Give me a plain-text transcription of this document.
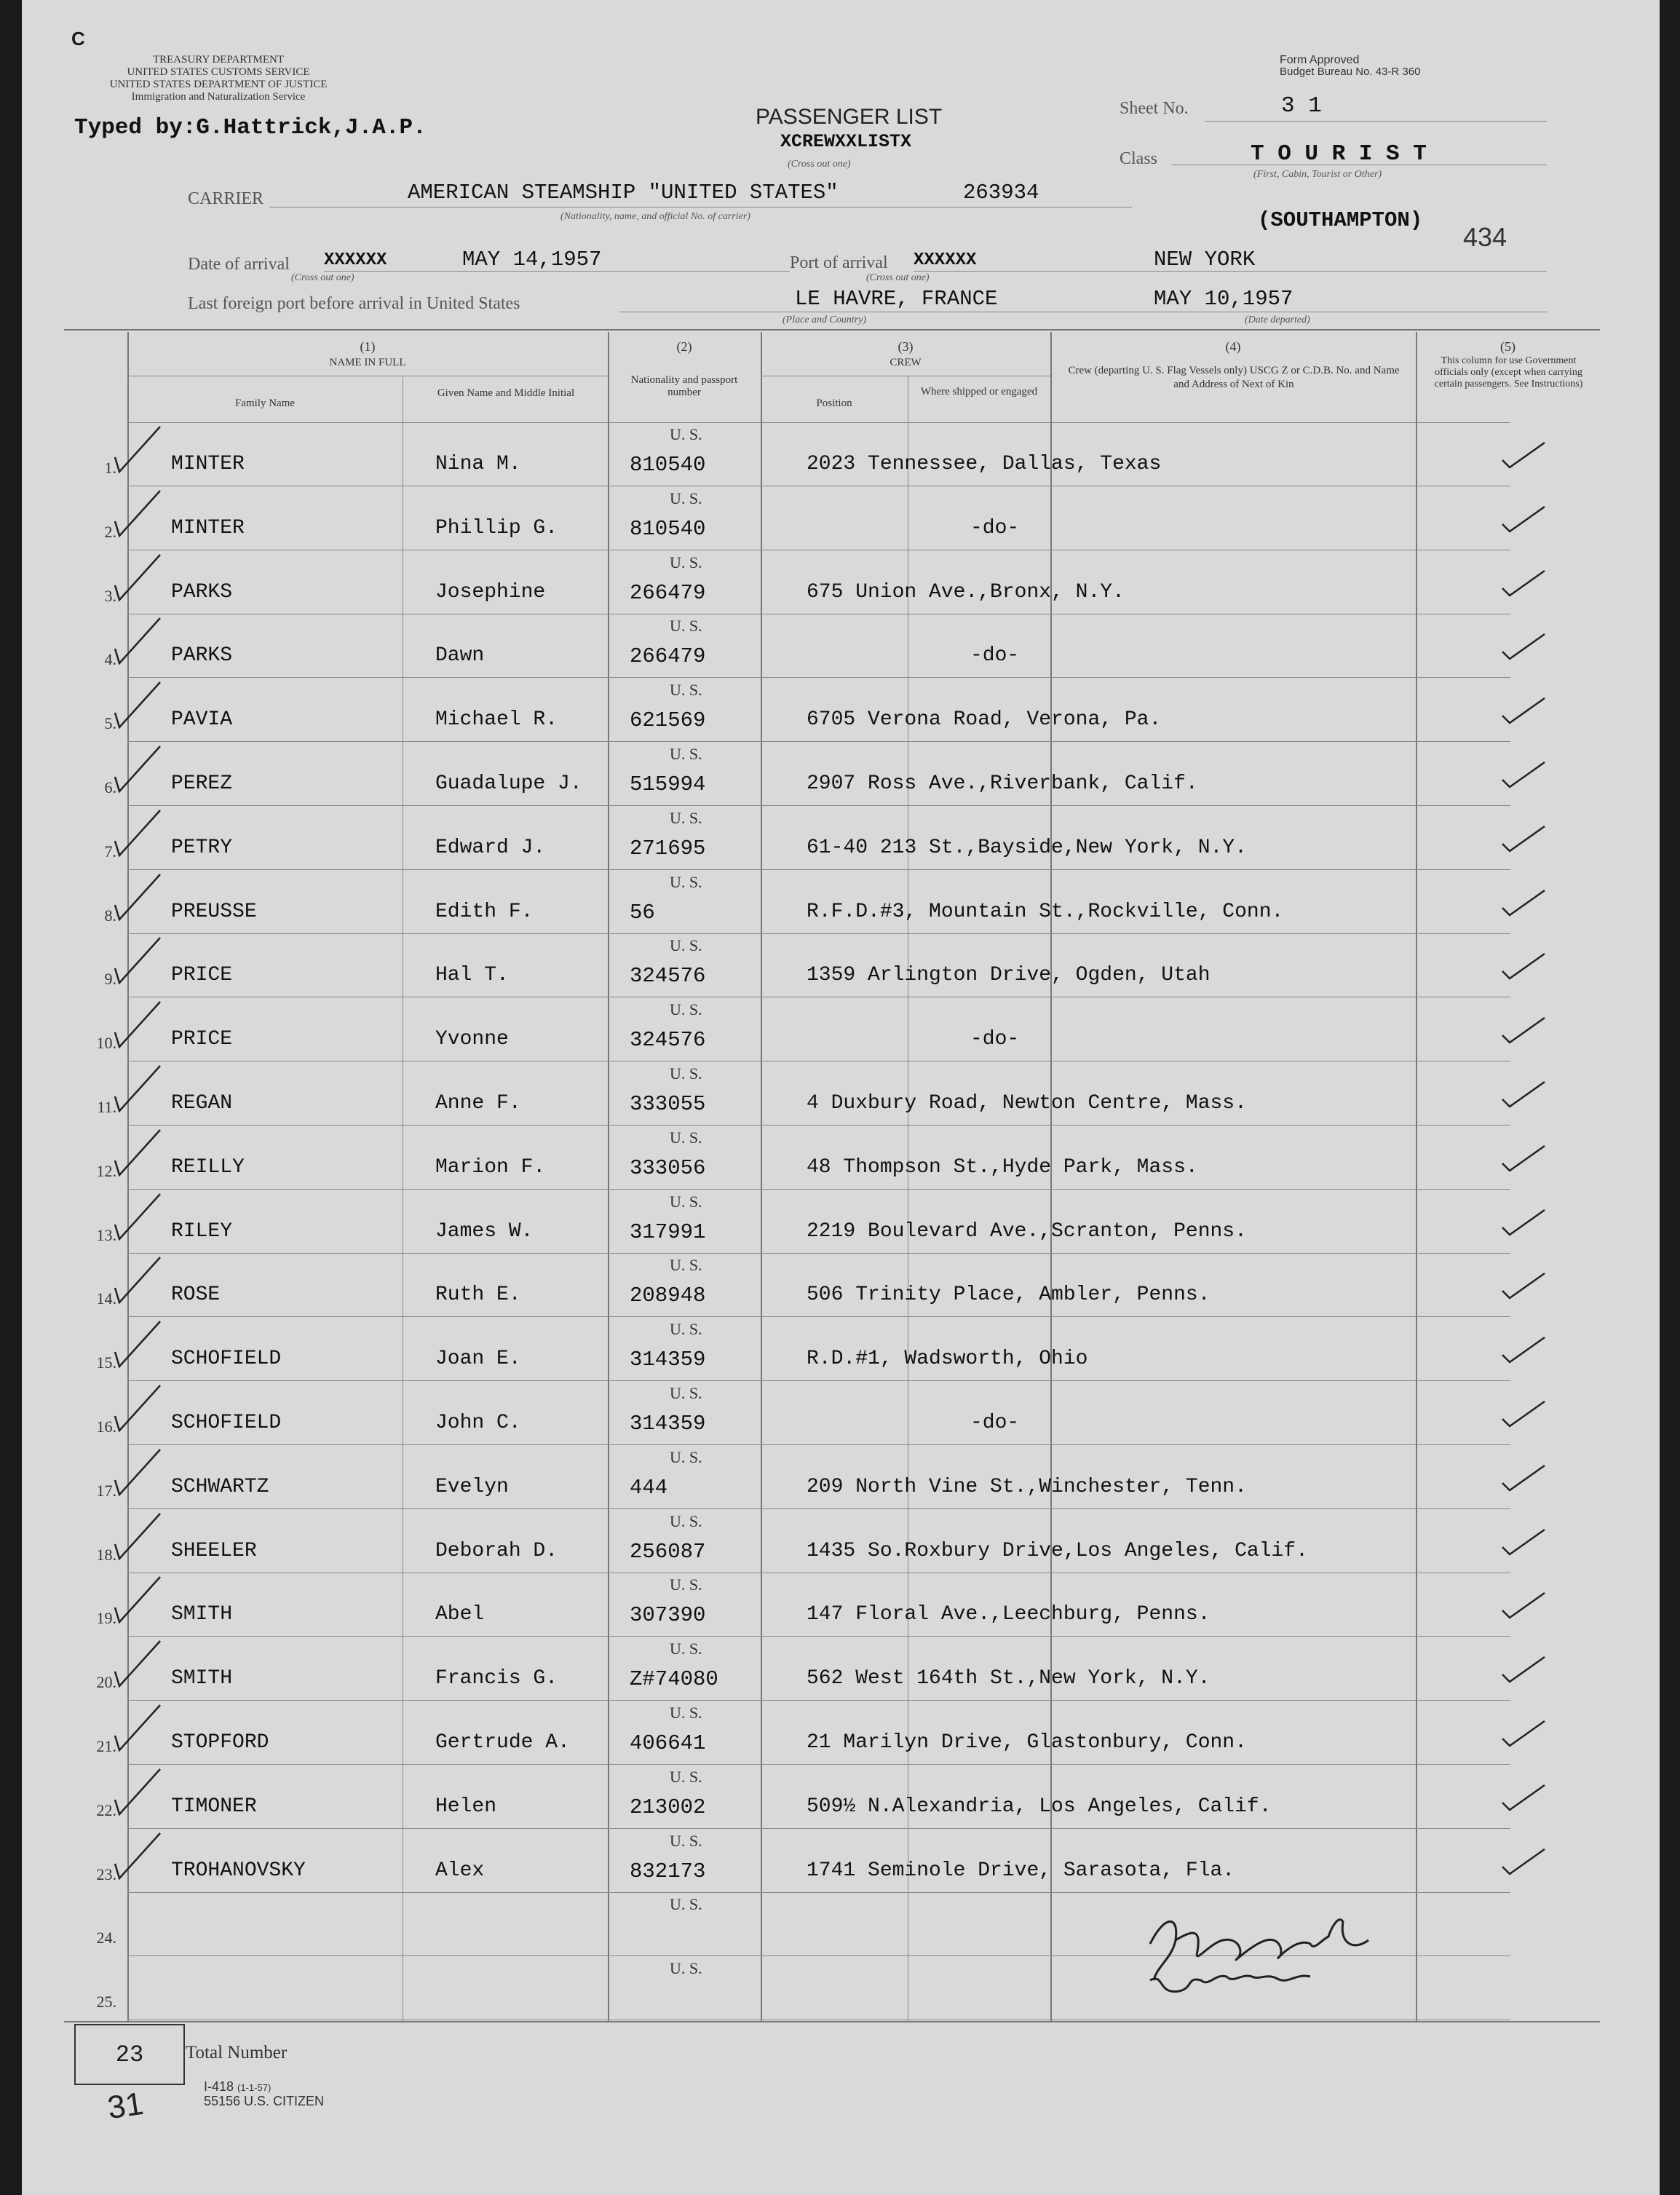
C
TREASURY DEPARTMENT
UNITED STATES CUSTOMS SERVICE
UNITED STATES DEPARTMENT OF JUSTICE
Immigration and Naturalization Service
Typed by:G.Hattrick,J.A.P.	PASSENGER LIST
XCREWXXLISTX
(Cross out one)
Form Approved
Budget Bureau No. 43-R 360
Sheet No.	3 1
Class	T O U R I S T
(First, Cabin, Tourist or Other)
CARRIER	AMERICAN STEAMSHIP "UNITED STATES"	263934
(Nationality, name, and official No. of carrier)	(SOUTHAMPTON)
434
Date of arrival XXXXXX
(Cross out one)
MAY 14,1957	Port of arrival XXXXXX
(Cross out one)
NEW YORK
Last foreign port before arrival in United States	LE HAVRE, FRANCE
(Place and Country)
MAY 10,1957
(Date departed)
(1)
NAME IN FULL
Family Name
Given Name and Middle Initial
(2)
Nationality and passport number
(3)
CREW
Position
Where shipped or engaged
(4)
Crew (departing U. S. Flag Vessels only) USCG Z or C.D.B. No. and Name and Address of Next of Kin
(5)
This column for use Government officials only (except when carrying certain passengers. See Instructions)
1.
U. S.
MINTER	Nina M.	810540	2023 Tennessee, Dallas, Texas
2.
U. S.
MINTER	Phillip G.	810540	-do-
3.
U. S.
PARKS	Josephine	266479	675 Union Ave.,Bronx, N.Y.
4.
U. S.
PARKS	Dawn	266479	-do-
5.
U. S.
PAVIA	Michael R.	621569	6705 Verona Road, Verona, Pa.
6.
U. S.
PEREZ	Guadalupe J. 515994	2907 Ross Ave.,Riverbank, Calif.
7.
U. S.
PETRY	Edward J.	271695	61-40 213 St.,Bayside,New York, N.Y.
8.
U. S.
PREUSSE	Edith F.	56	R.F.D.#3, Mountain St.,Rockville, Conn.
9.
U. S.
PRICE	Hal T.	324576	1359 Arlington Drive, Ogden, Utah
10.
U. S.
PRICE	Yvonne	324576	-do-
11.
U. S.
REGAN	Anne F.	333055	4 Duxbury Road, Newton Centre, Mass.
12.
U. S.
REILLY	Marion F.	333056	48 Thompson St.,Hyde Park, Mass.
13.
U. S.
RILEY	James W.	317991	2219 Boulevard Ave.,Scranton, Penns.
14.
U. S.
ROSE	Ruth E.	208948	506 Trinity Place, Ambler, Penns.
15.
U. S.
SCHOFIELD	Joan E.	314359	R.D.#1, Wadsworth, Ohio
16.
U. S.
SCHOFIELD	John C.	314359	-do-
17.
U. S.
SCHWARTZ	Evelyn	444	209 North Vine St.,Winchester, Tenn.
18.
U. S.
SHEELER	Deborah D.	256087	1435 So.Roxbury Drive,Los Angeles, Calif.
19.
U. S.
SMITH	Abel	307390	147 Floral Ave.,Leechburg, Penns.
20.
U. S.
SMITH	Francis G.	Z#74080	562 West 164th St.,New York, N.Y.
21.
U. S.
STOPFORD	Gertrude A.	406641	21 Marilyn Drive, Glastonbury, Conn.
22.
U. S.
TIMONER	Helen	213002	509½ N.Alexandria, Los Angeles, Calif.
23.
U. S.
TROHANOVSKY	Alex	832173	1741 Seminole Drive, Sarasota, Fla.
24.
U. S.
25.
U. S.
23	Total Number
31	I-418 (1-1-57)
55156 U.S. CITIZEN
